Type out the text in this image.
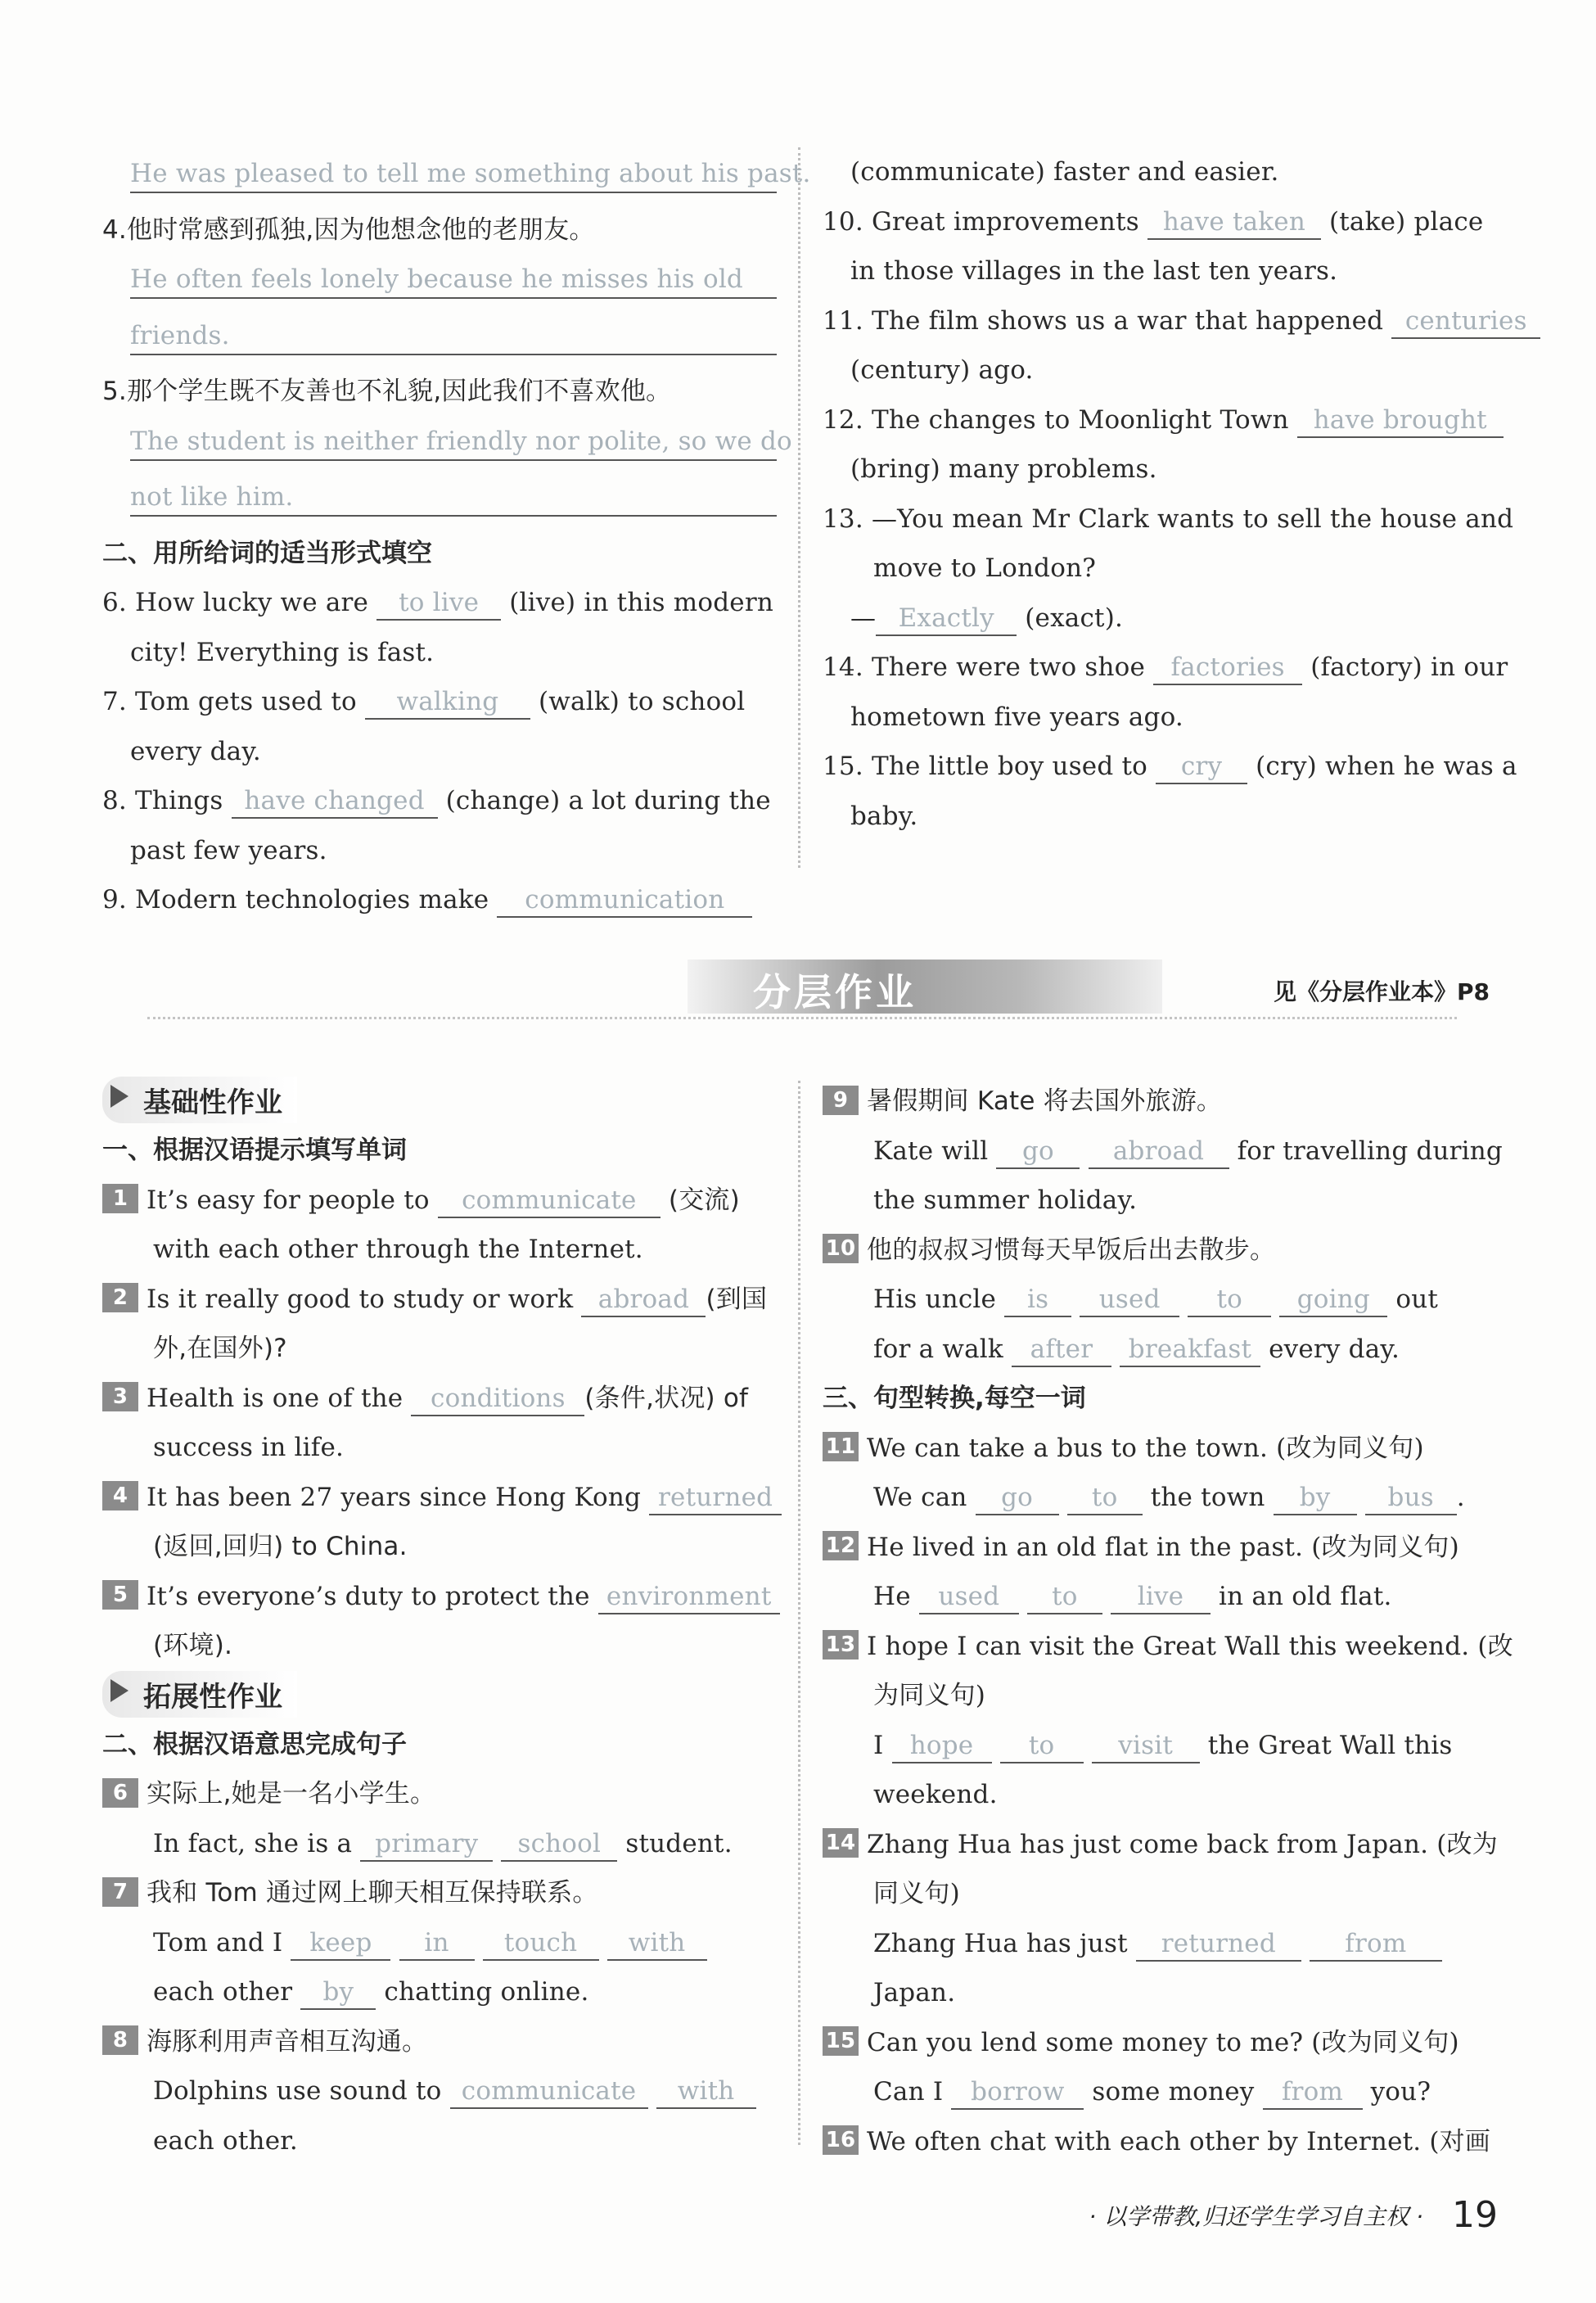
He was pleased to tell me something about his past.
4.他时常感到孤独,因为他想念他的老朋友。
He often feels lonely because he misses his old
friends.
5.那个学生既不友善也不礼貌,因此我们不喜欢他。
The student is neither friendly nor polite, so we do
not like him.
二、用所给词的适当形式填空
6. How lucky we are to live (live) in this modern
city! Everything is fast.
7. Tom gets used to walking (walk) to school
every day.
8. Things have changed (change) a lot during the
past few years.
9. Modern technologies make communication
(communicate) faster and easier.
10. Great improvements have taken (take) place
in those villages in the last ten years.
11. The film shows us a war that happened centuries
(century) ago.
12. The changes to Moonlight Town have brought
(bring) many problems.
13. —You mean Mr Clark wants to sell the house and
move to London?
— Exactly (exact).
14. There were two shoe factories (factory) in our
hometown five years ago.
15. The little boy used to cry (cry) when he was a
baby.
分层作业	见《分层作业本》P8
基础性作业
一、根据汉语提示填写单词
1 It’s easy for people to communicate (交流)
with each other through the Internet.
2 Is it really good to study or work abroad (到国
外,在国外)?
3 Health is one of the conditions (条件,状况) of
success in life.
4 It has been 27 years since Hong Kong returned
(返回,回归) to China.
5 It’s everyone’s duty to protect the environment
(环境).
拓展性作业
二、根据汉语意思完成句子
6 实际上,她是一名小学生。
In fact, she is a primary school student.
7 我和 Tom 通过网上聊天相互保持联系。
Tom and I keep in touch with
each other by chatting online.
8 海豚利用声音相互沟通。
Dolphins use sound to communicate with
each other.
9 暑假期间 Kate 将去国外旅游。
Kate will go abroad for travelling during
the summer holiday.
10 他的叔叔习惯每天早饭后出去散步。
His uncle is used to going out
for a walk after breakfast every day.
三、句型转换,每空一词
11 We can take a bus to the town. (改为同义句)
We can go to the town by bus .
12 He lived in an old flat in the past. (改为同义句)
He used to live in an old flat.
13 I hope I can visit the Great Wall this weekend. (改
为同义句)
I hope to	visit the Great Wall this
weekend.
14 Zhang Hua has just come back from Japan. (改为
同义句)
Zhang Hua has just returned	from
Japan.
15 Can you lend some money to me? (改为同义句)
Can I borrow some money from you?
16 We often chat with each other by Internet. (对画
· 以学带教,归还学生学习自主权 · 19
